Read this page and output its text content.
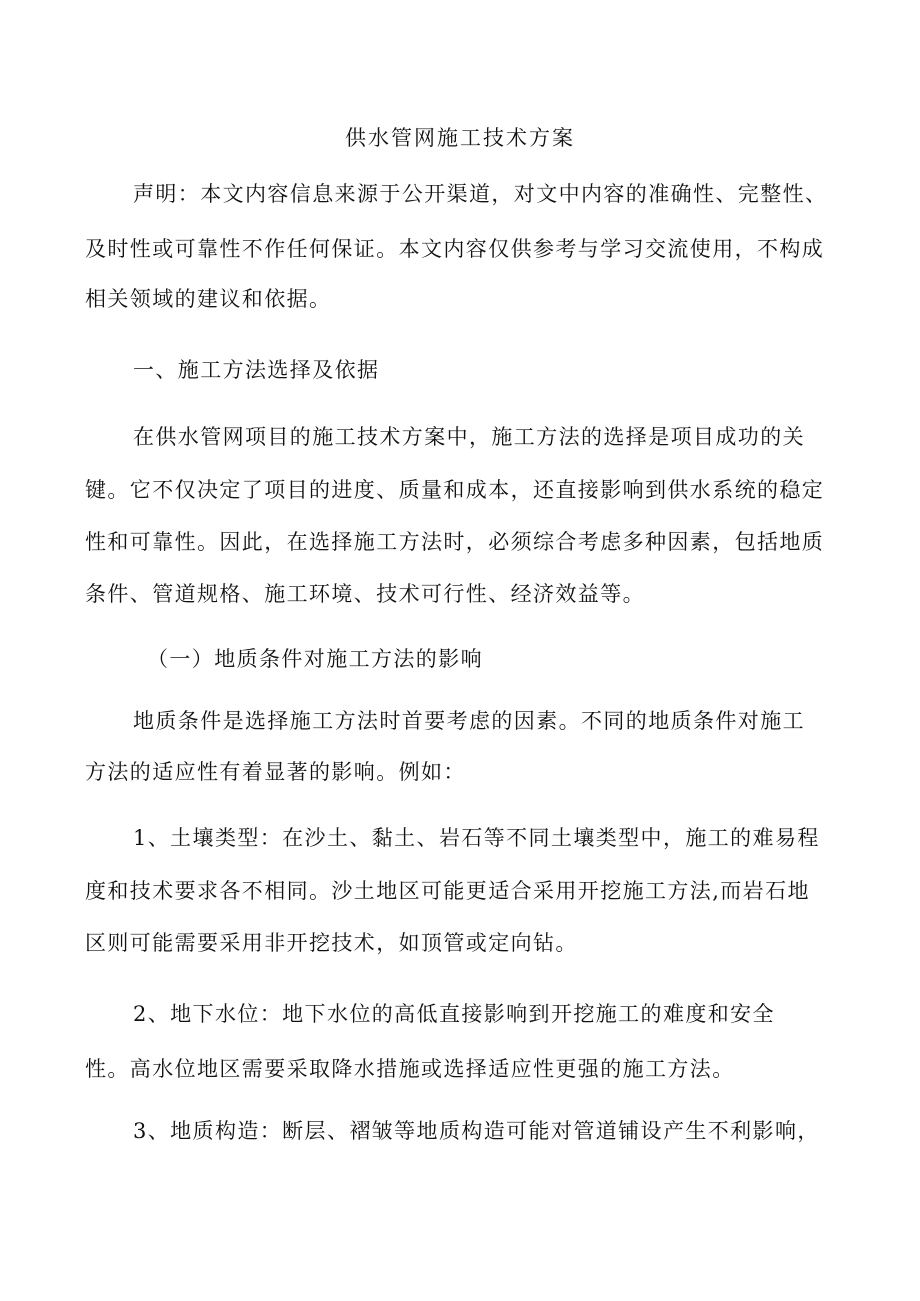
供水管网施工技术方案

声明：本文内容信息来源于公开渠道，对文中内容的准确性、完整性、

及时性或可靠性不作任何保证。本文内容仅供参考与学习交流使用，不构成

相关领域的建议和依据。

一、施工方法选择及依据

在供水管网项目的施工技术方案中，施工方法的选择是项目成功的关

键。它不仅决定了项目的进度、质量和成本，还直接影响到供水系统的稳定

性和可靠性。因此，在选择施工方法时，必须综合考虑多种因素，包括地质

条件、管道规格、施工环境、技术可行性、经济效益等。

（一）地质条件对施工方法的影响

地质条件是选择施工方法时首要考虑的因素。不同的地质条件对施工

方法的适应性有着显著的影响。例如：

1、土壤类型：在沙土、黏土、岩石等不同土壤类型中，施工的难易程

度和技术要求各不相同。沙土地区可能更适合采用开挖施工方法,而岩石地

区则可能需要采用非开挖技术，如顶管或定向钻。

2、地下水位：地下水位的高低直接影响到开挖施工的难度和安全

性。高水位地区需要采取降水措施或选择适应性更强的施工方法。

3、地质构造：断层、褶皱等地质构造可能对管道铺设产生不利影响，
